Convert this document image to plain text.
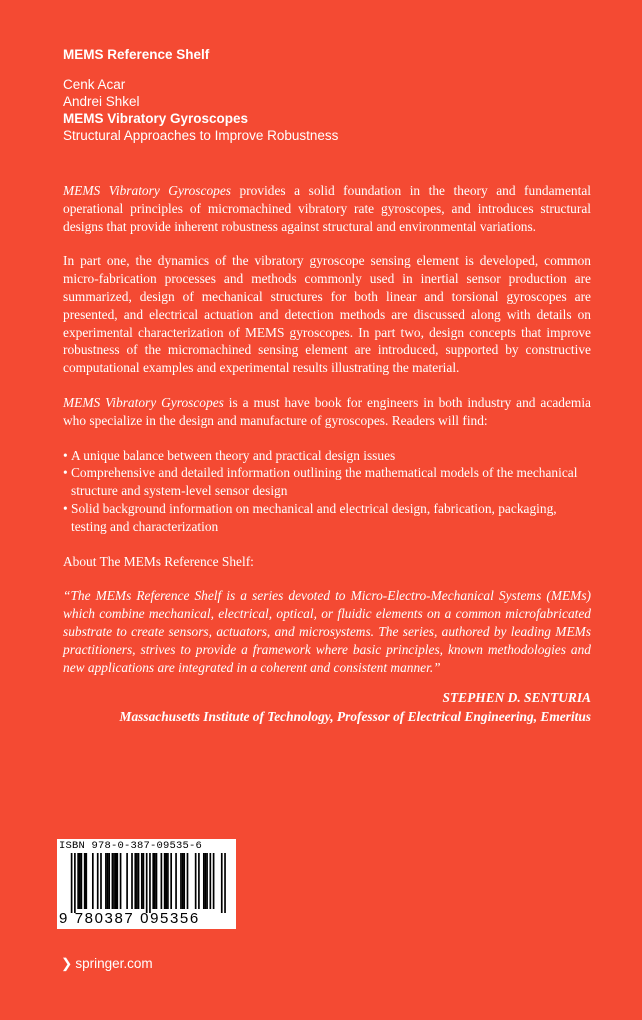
MEMS Reference Shelf
Cenk Acar
Andrei Shkel
MEMS Vibratory Gyroscopes
Structural Approaches to Improve Robustness

MEMS Vibratory Gyroscopes provides a solid foundation in the theory and fundamental operational principles of micromachined vibratory rate gyroscopes, and introduces structural designs that provide inherent robustness against structural and environmental variations.

In part one, the dynamics of the vibratory gyroscope sensing element is developed, common micro-fabrication processes and methods commonly used in inertial sensor production are summarized, design of mechanical structures for both linear and torsional gyroscopes are presented, and electrical actuation and detection methods are discussed along with details on experimental characterization of MEMS gyroscopes. In part two, design concepts that improve robustness of the micromachined sensing element are introduced, supported by constructive computational examples and experimental results illustrating the material.

MEMS Vibratory Gyroscopes is a must have book for engineers in both industry and academia who specialize in the design and manufacture of gyroscopes. Readers will find:

• A unique balance between theory and practical design issues
• Comprehensive and detailed information outlining the mathematical models of the mechanical structure and system-level sensor design
• Solid background information on mechanical and electrical design, fabrication, packaging, testing and characterization

About The MEMs Reference Shelf:

“The MEMs Reference Shelf is a series devoted to Micro-Electro-Mechanical Systems (MEMs) which combine mechanical, electrical, optical, or fluidic elements on a common microfabricated substrate to create sensors, actuators, and microsystems. The series, authored by leading MEMs practitioners, strives to provide a framework where basic principles, known methodologies and new applications are integrated in a coherent and consistent manner.”

STEPHEN D. SENTURIA
Massachusetts Institute of Technology, Professor of Electrical Engineering, Emeritus
ISBN 978-0-387-09535-6
9 780387 095356
❯ springer.com
